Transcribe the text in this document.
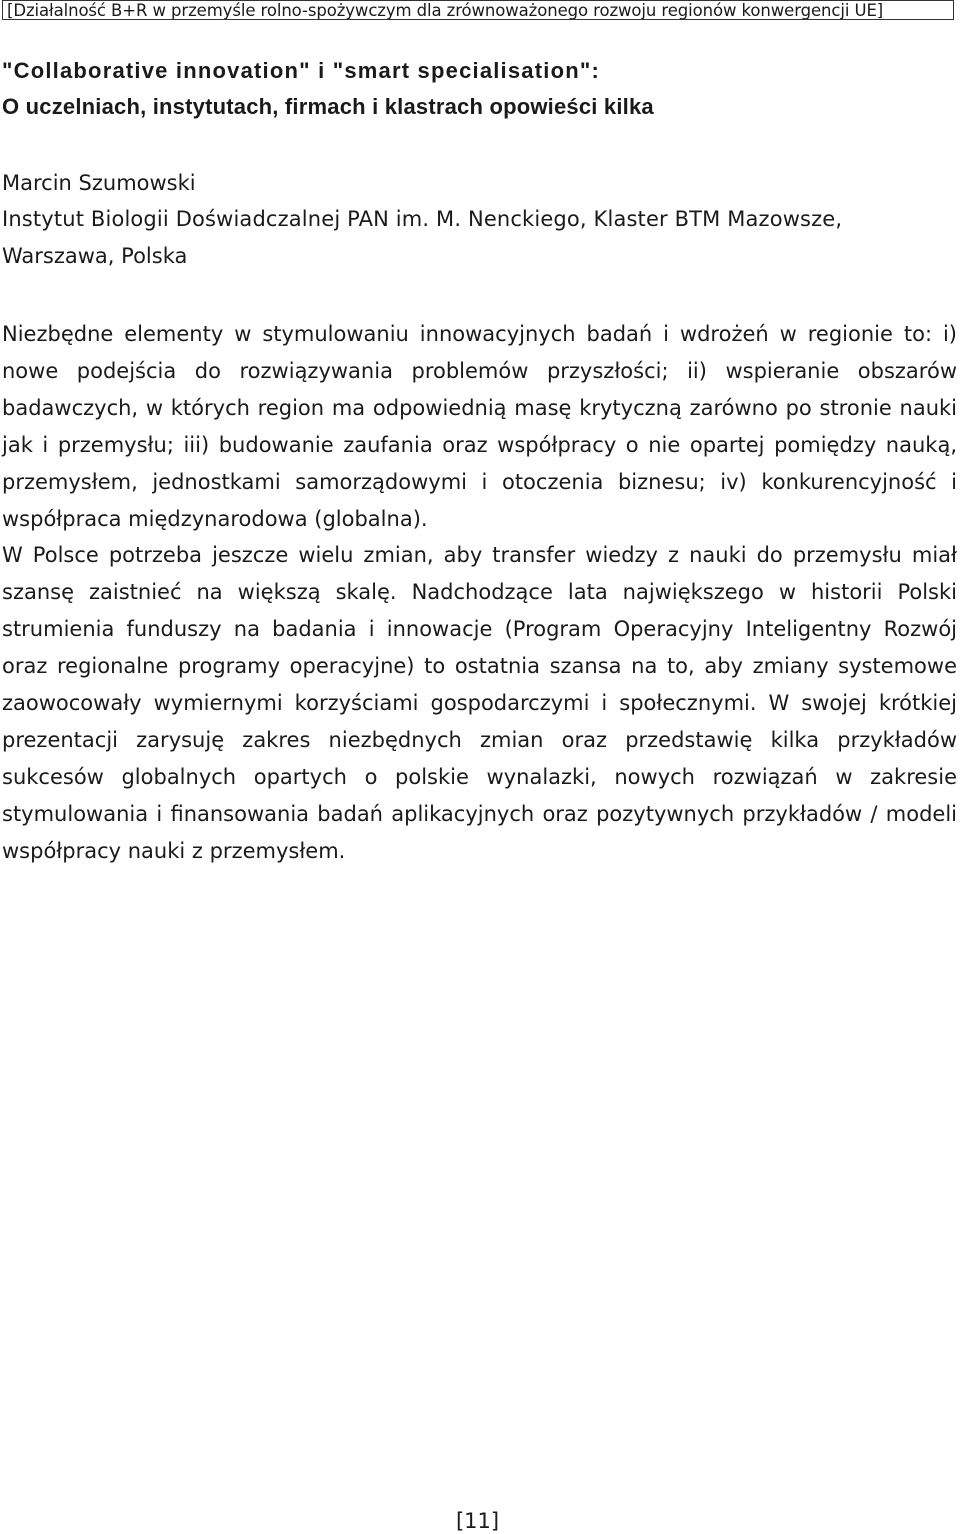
[Działalność B+R w przemyśle rolno-spożywczym dla zrównoważonego rozwoju regionów konwergencji UE]
"Collaborative innovation" i "smart specialisation":
O uczelniach, instytutach, firmach i klastrach opowieści kilka
Marcin Szumowski
Instytut Biologii Doświadczalnej PAN im. M. Nenckiego, Klaster BTM Mazowsze,
Warszawa, Polska

Niezbędne elementy w stymulowaniu innowacyjnych badań i wdrożeń w regionie to: i) nowe podejścia do rozwiązywania problemów przyszłości; ii) wspieranie obszarów badawczych, w których region ma odpowiednią masę krytyczną zarówno po stronie nauki jak i przemysłu; iii) budowanie zaufania oraz współpracy o nie opartej pomiędzy nauką, przemysłem, jednostkami samorządowymi i otoczenia biznesu; iv) konkurencyjność i współpraca międzynarodowa (globalna).

W Polsce potrzeba jeszcze wielu zmian, aby transfer wiedzy z nauki do przemysłu miał szansę zaistnieć na większą skalę. Nadchodzące lata największego w historii Polski strumienia funduszy na badania i innowacje (Program Operacyjny Inteligentny Rozwój oraz regionalne programy operacyjne) to ostatnia szansa na to, aby zmiany systemowe zaowocowały wymiernymi korzyściami gospodarczymi i społecznymi. W swojej krótkiej prezentacji zarysuję zakres niezbędnych zmian oraz przedstawię kilka przykładów sukcesów globalnych opartych o polskie wynalazki, nowych rozwiązań w zakresie stymulowania i finansowania badań aplikacyjnych oraz pozytywnych przykładów / modeli współpracy nauki z przemysłem.

[11]
